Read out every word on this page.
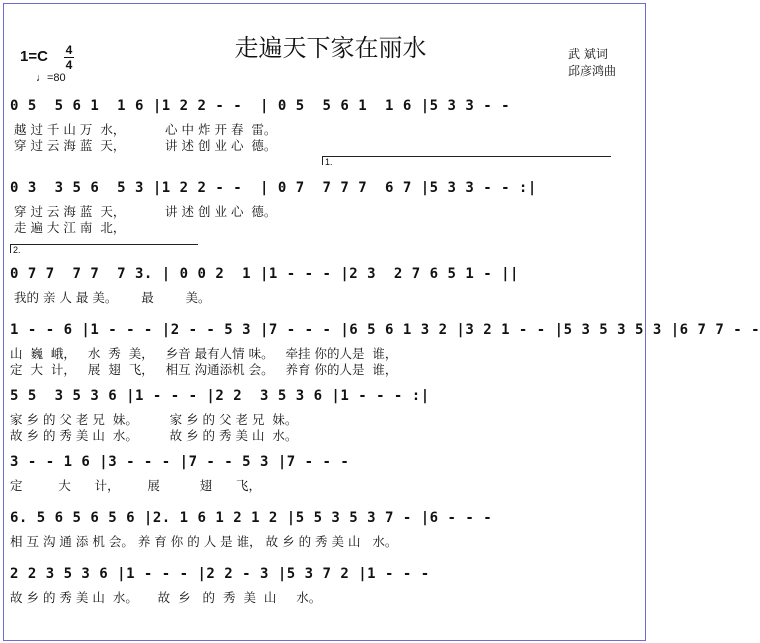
走遍天下家在丽水
1=C 4
4
♩=80
武 斌词
邱彦鸿曲
0 5  5 6 1  1 6 |1 2 2 - -  | 0 5  5 6 1  1 6 |5 3 3 - -
越 过 千 山 万  水，          心 中 炸 开 春  雷。
穿 过 云 海 蓝  天，          讲 述 创 业 心  德。
1.
0 3  3 5 6  5 3 |1 2 2 - -  | 0 7  7 7 7  6 7 |5 3 3 - - :|
穿 过 云 海 蓝  天，          讲 述 创 业 心  德。
走 遍 大 江 南  北，
2.
0 7 7  7 7  7 3. | 0 0 2  1 |1 - - - |2 3  2 7 6 5 1 - ||
我的 亲 人 最 美。      最        美。
1 - - 6 |1 - - - |2 - - 5 3 |7 - - - |6 5 6 1 3 2 |3 2 1 - - |5 3 5 3 5 3 |6 7 7 - -
山  巍  峨，   水  秀  美，   乡音 最有人情 味。   牵挂 你的人是  谁，
定  大  计，   展  翅  飞，   相互 沟通添机 会。   养育 你的人是  谁，
5 5  3 5 3 6 |1 - - - |2 2  3 5 3 6 |1 - - - :|
家 乡 的 父 老 兄  妹。        家 乡 的 父 老 兄  妹。
故 乡 的 秀 美 山  水。        故 乡 的 秀 美 山  水。
3 - - 1 6 |3 - - - |7 - - 5 3 |7 - - -
定         大      计，       展          翅      飞，
6. 5 6 5 6 5 6 |2. 1 6 1 2 1 2 |5 5 3 5 3 7 - |6 - - -
相 互 沟 通 添 机 会。 养 育 你 的 人 是 谁， 故 乡 的 秀 美 山   水。
2 2 3 5 3 6 |1 - - - |2 2 - 3 |5 3 7 2 |1 - - -
故 乡 的 秀 美 山  水。     故  乡   的  秀  美  山     水。
